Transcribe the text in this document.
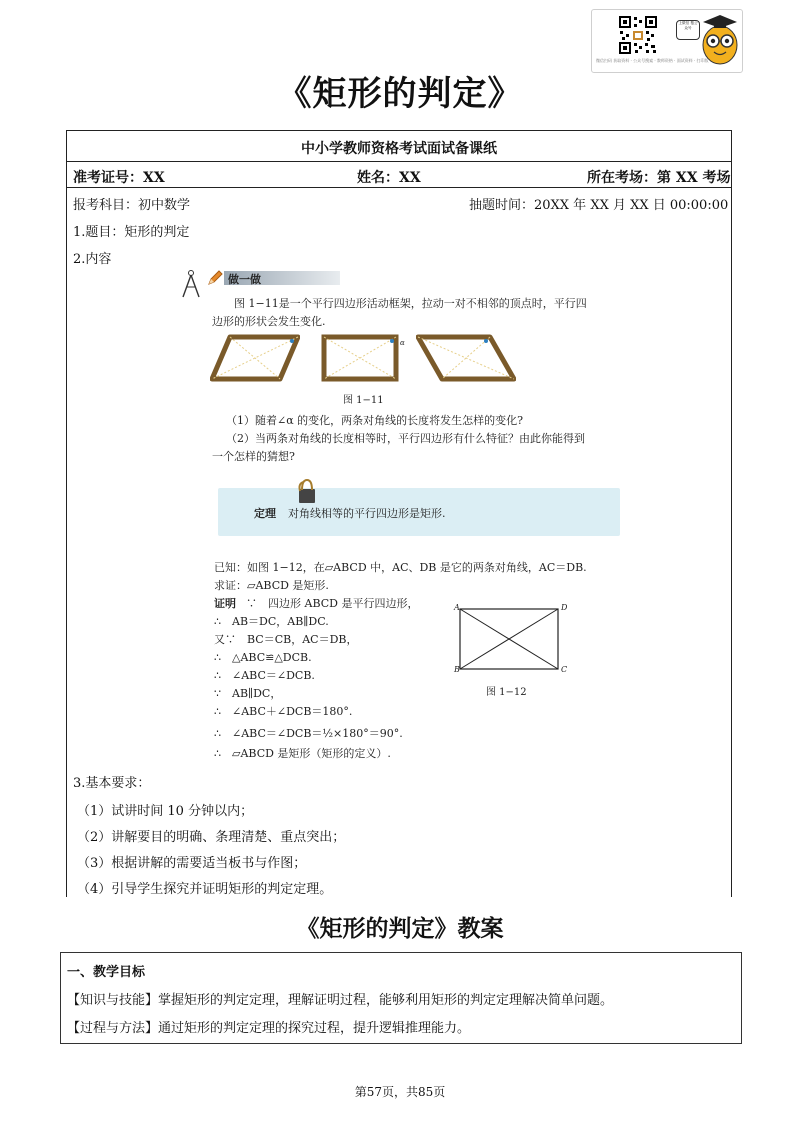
上微信 搜公 众号
微信扫码 获取资料 · 公众号搜索 · 教师资格 · 面试资料 · 打印版
《矩形的判定》
中小学教师资格考试面试备课纸
准考证号：XX	姓名：XX	所在考场：第 XX 考场
报考科目：初中数学	抽题时间：20XX 年 XX 月 XX 日 00:00:00
1.题目：矩形的判定
2.内容
做一做
图 1−11是一个平行四边形活动框架，拉动一对不相邻的顶点时，平行四
边形的形状会发生变化.
α
图 1−11
（1）随着∠α 的变化，两条对角线的长度将发生怎样的变化?
（2）当两条对角线的长度相等时，平行四边形有什么特征？由此你能得到
一个怎样的猜想?
定理 对角线相等的平行四边形是矩形.
已知：如图 1−12，在▱ABCD 中，AC、DB 是它的两条对角线，AC＝DB.
求证：▱ABCD 是矩形.
证明 ∵　四边形 ABCD 是平行四边形，
∴　AB＝DC，AB∥DC.
又∵　BC＝CB，AC＝DB，
∴　△ABC≌△DCB.
∴　∠ABC＝∠DCB.
∵　AB∥DC，
∴　∠ABC＋∠DCB＝180°.
∴　∠ABC＝∠DCB＝½×180°＝90°.
∴　▱ABCD 是矩形（矩形的定义）.
A	D
B	C
图 1−12
3.基本要求：
（1）试讲时间 10 分钟以内；
（2）讲解要目的明确、条理清楚、重点突出；
（3）根据讲解的需要适当板书与作图；
（4）引导学生探究并证明矩形的判定定理。
《矩形的判定》教案
一、教学目标
【知识与技能】掌握矩形的判定定理，理解证明过程，能够利用矩形的判定定理解决简单问题。
【过程与方法】通过矩形的判定定理的探究过程，提升逻辑推理能力。
第57页，共85页
